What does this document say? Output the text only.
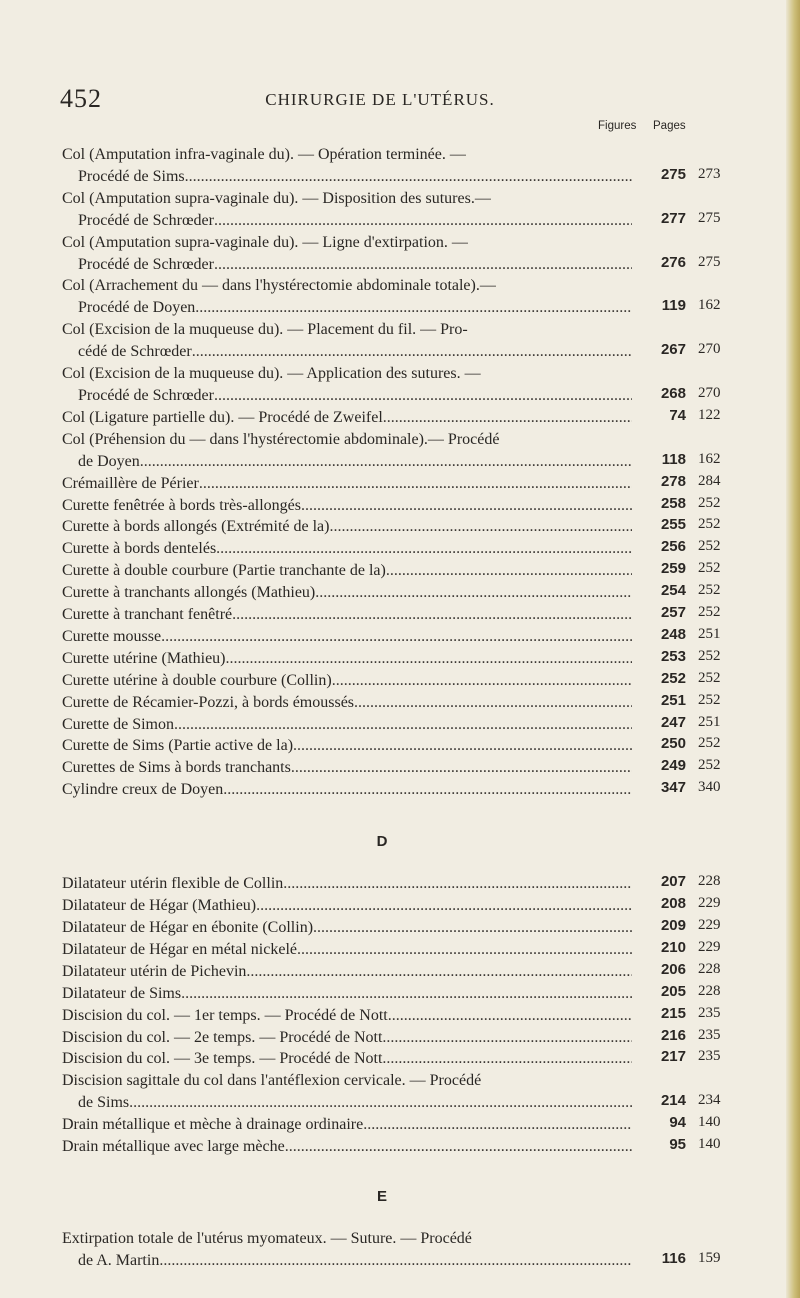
452	CHIRURGIE DE L'UTÉRUS.
Figures Pages
Col (Amputation infra-vaginale du). — Opération terminée. —
Procédé de Sims .....	275 273
Col (Amputation supra-vaginale du). — Disposition des sutures.—
Procédé de Schrœder .....	277 275
Col (Amputation supra-vaginale du). — Ligne d'extirpation. —
Procédé de Schrœder .....	276 275
Col (Arrachement du — dans l'hystérectomie abdominale totale).—
Procédé de Doyen .....	119 162
Col (Excision de la muqueuse du). — Placement du fil. — Pro-
cédé de Schrœder .....	267 270
Col (Excision de la muqueuse du). — Application des sutures. —
Procédé de Schrœder .....	268 270
Col (Ligature partielle du). — Procédé de Zweifel .....	74 122
Col (Préhension du — dans l'hystérectomie abdominale).— Procédé
de Doyen .....	118 162
Crémaillère de Périer .....	278 284
Curette fenêtrée à bords très-allongés .....	258 252
Curette à bords allongés (Extrémité de la) .....	255 252
Curette à bords dentelés .....	256 252
Curette à double courbure (Partie tranchante de la) .....	259 252
Curette à tranchants allongés (Mathieu) .....	254 252
Curette à tranchant fenêtré .....	257 252
Curette mousse .....	248 251
Curette utérine (Mathieu) .....	253 252
Curette utérine à double courbure (Collin) .....	252 252
Curette de Récamier-Pozzi, à bords émoussés .....	251 252
Curette de Simon .....	247 251
Curette de Sims (Partie active de la) .....	250 252
Curettes de Sims à bords tranchants .....	249 252
Cylindre creux de Doyen .....	347 340
D
Dilatateur utérin flexible de Collin .....	207 228
Dilatateur de Hégar (Mathieu) .....	208 229
Dilatateur de Hégar en ébonite (Collin) .....	209 229
Dilatateur de Hégar en métal nickelé .....	210 229
Dilatateur utérin de Pichevin .....	206 228
Dilatateur de Sims .....	205 228
Discision du col. — 1er temps. — Procédé de Nott .....	215 235
Discision du col. — 2e temps. — Procédé de Nott .....	216 235
Discision du col. — 3e temps. — Procédé de Nott .....	217 235
Discision sagittale du col dans l'antéflexion cervicale. — Procédé
de Sims .....	214 234
Drain métallique et mèche à drainage ordinaire .....	94 140
Drain métallique avec large mèche .....	95 140
E
Extirpation totale de l'utérus myomateux. — Suture. — Procédé
de A. Martin .....	116 159
